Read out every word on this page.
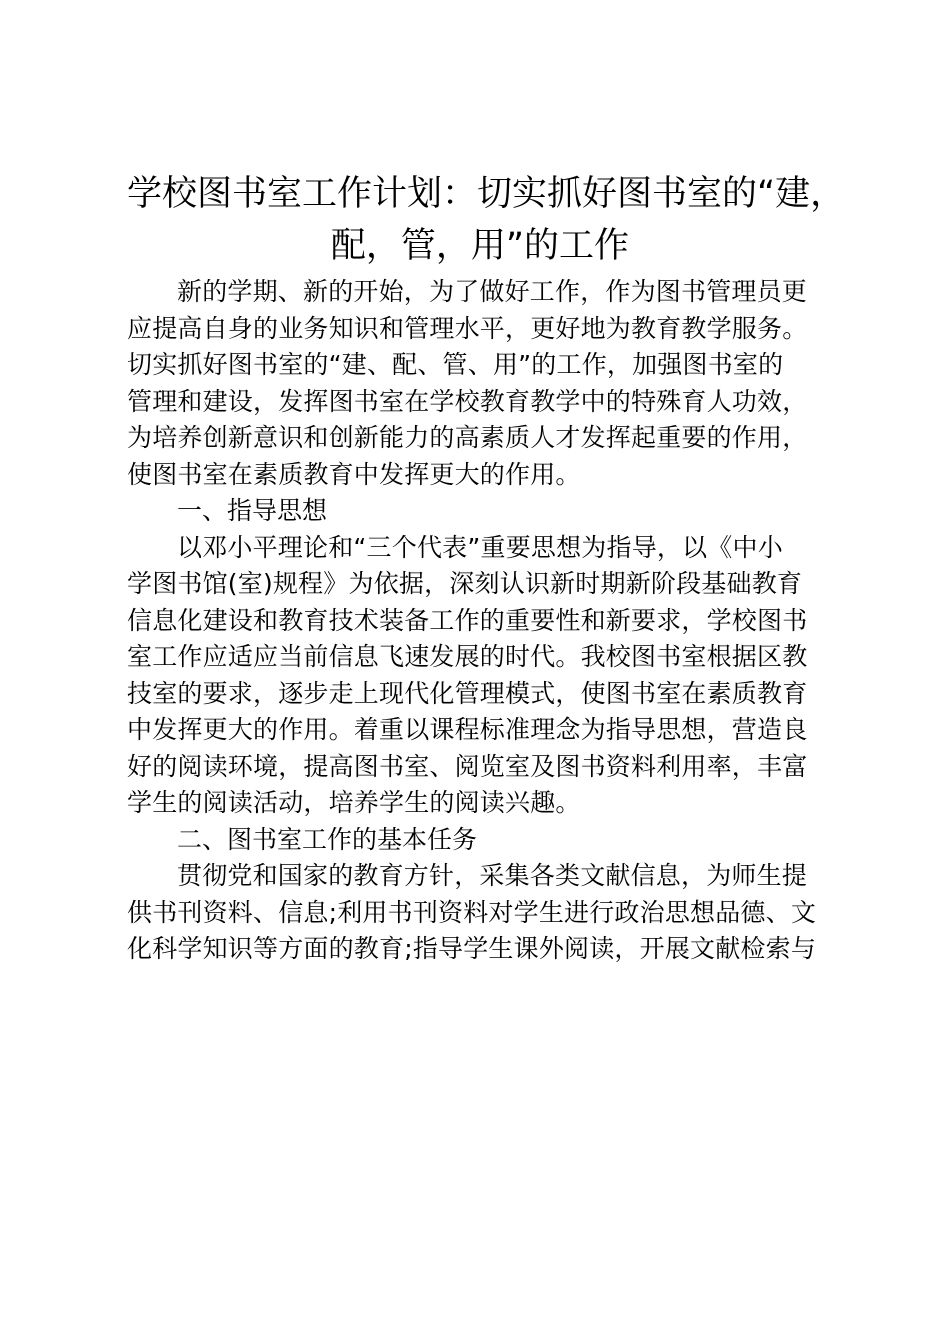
学校图书室工作计划：切实抓好图书室的“建，
配，管，用”的工作
新的学期、新的开始，为了做好工作，作为图书管理员更
应提高自身的业务知识和管理水平，更好地为教育教学服务。
切实抓好图书室的“建、配、管、用”的工作，加强图书室的
管理和建设，发挥图书室在学校教育教学中的特殊育人功效，
为培养创新意识和创新能力的高素质人才发挥起重要的作用，
使图书室在素质教育中发挥更大的作用。
一、指导思想
以邓小平理论和“三个代表”重要思想为指导，以《中小
学图书馆(室)规程》为依据，深刻认识新时期新阶段基础教育
信息化建设和教育技术装备工作的重要性和新要求，学校图书
室工作应适应当前信息飞速发展的时代。我校图书室根据区教
技室的要求，逐步走上现代化管理模式，使图书室在素质教育
中发挥更大的作用。着重以课程标准理念为指导思想，营造良
好的阅读环境，提高图书室、阅览室及图书资料利用率，丰富
学生的阅读活动，培养学生的阅读兴趣。
二、图书室工作的基本任务
贯彻党和国家的教育方针，采集各类文献信息，为师生提
供书刊资料、信息;利用书刊资料对学生进行政治思想品德、文
化科学知识等方面的教育;指导学生课外阅读，开展文献检索与
